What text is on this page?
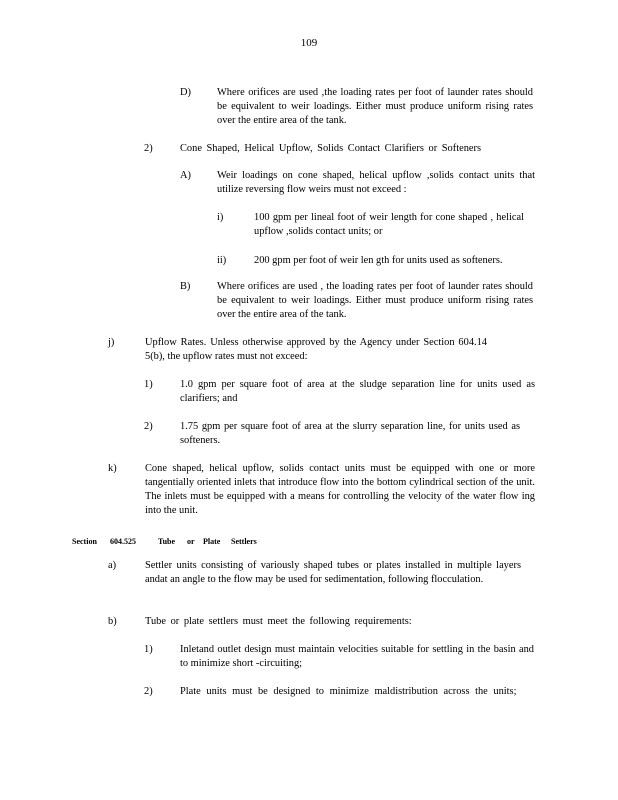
109
D)	Where orifices are used ,the loading rates per foot of launder rates should be equivalent to weir loadings. Either must produce uniform rising rates over the entire area of the tank.
2)	Cone Shaped, Helical Upflow, Solids Contact Clarifiers or Softeners
A)	Weir loadings on cone shaped, helical upflow ,solids contact units that utilize reversing flow weirs must not exceed :
i)	100 gpm per lineal foot of weir length for cone shaped , helical upflow ,solids contact units; or
ii)	200 gpm per foot of weir len gth for units used as softeners.
B)	Where orifices are used , the loading rates per foot of launder rates should be equivalent to weir loadings. Either must produce uniform rising rates over the entire area of the tank.
j)	Upflow Rates. Unless otherwise approved by the Agency under Section 604.14 5(b), the upflow rates must not exceed:
1)	1.0 gpm per square foot of area at the sludge separation line for units used as clarifiers; and
2)	1.75 gpm per square foot of area at the slurry separation line, for units used as softeners.
k)	Cone shaped, helical upflow, solids contact units must be equipped with one or more tangentially oriented inlets that introduce flow into the bottom cylindrical section of the unit. The inlets must be equipped with a means for controlling the velocity of the water flow ing into the unit.
Section 604.525	Tube or Plate Settlers
a)	Settler units consisting of variously shaped tubes or plates installed in multiple layers andat an angle to the flow may be used for sedimentation, following flocculation.
b)	Tube or plate settlers must meet the following requirements:
1)	Inletand outlet design must maintain velocities suitable for settling in the basin and to minimize short -circuiting;
2)	Plate units must be designed to minimize maldistribution across the units;
